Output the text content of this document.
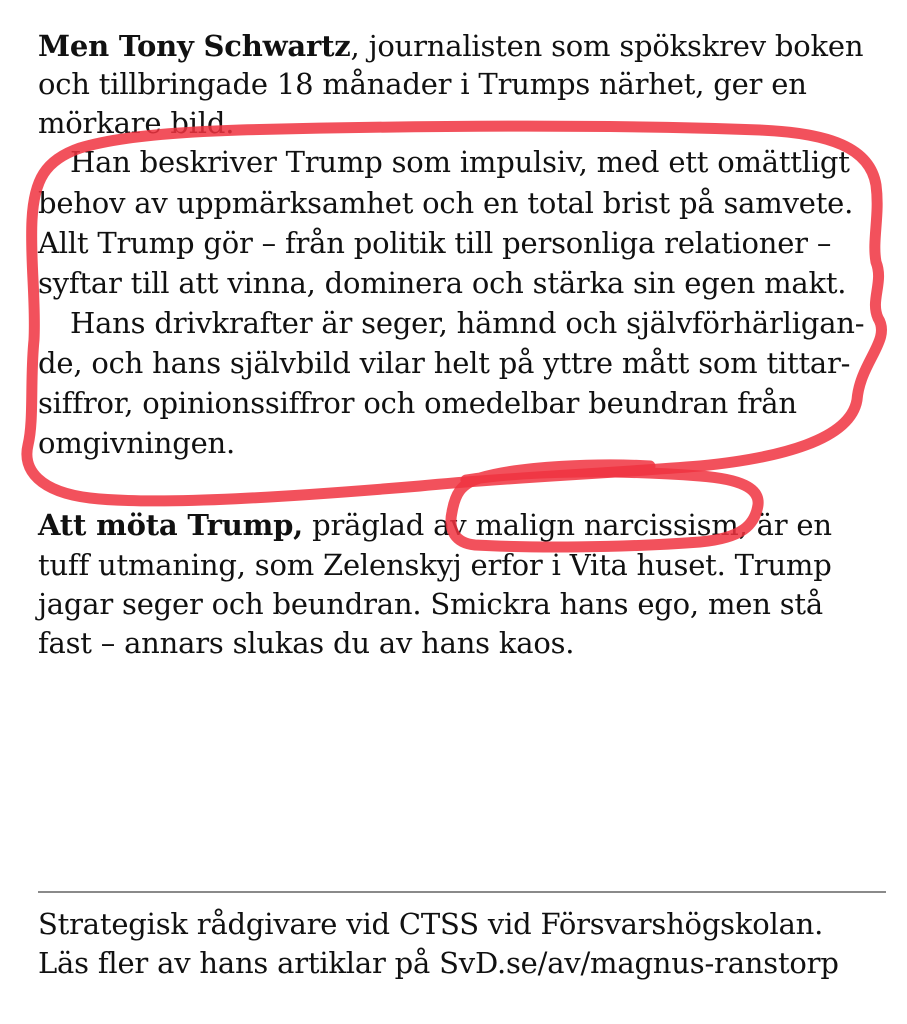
Men Tony Schwartz, journalisten som spökskrev boken
och tillbringade 18 månader i Trumps närhet, ger en
mörkare bild.
Han beskriver Trump som impulsiv, med ett omättligt
behov av uppmärksamhet och en total brist på samvete.
Allt Trump gör – från politik till personliga relationer –
syftar till att vinna, dominera och stärka sin egen makt.
Hans drivkrafter är seger, hämnd och självförhärligan-
de, och hans självbild vilar helt på yttre mått som tittar-
siffror, opinionssiffror och omedelbar beundran från
omgivningen.
Att möta Trump, präglad av malign narcissism, är en
tuff utmaning, som Zelenskyj erfor i Vita huset. Trump
jagar seger och beundran. Smickra hans ego, men stå
fast – annars slukas du av hans kaos.
Strategisk rådgivare vid CTSS vid Försvarshögskolan.
Läs fler av hans artiklar på SvD.se/av/magnus-ranstorp
